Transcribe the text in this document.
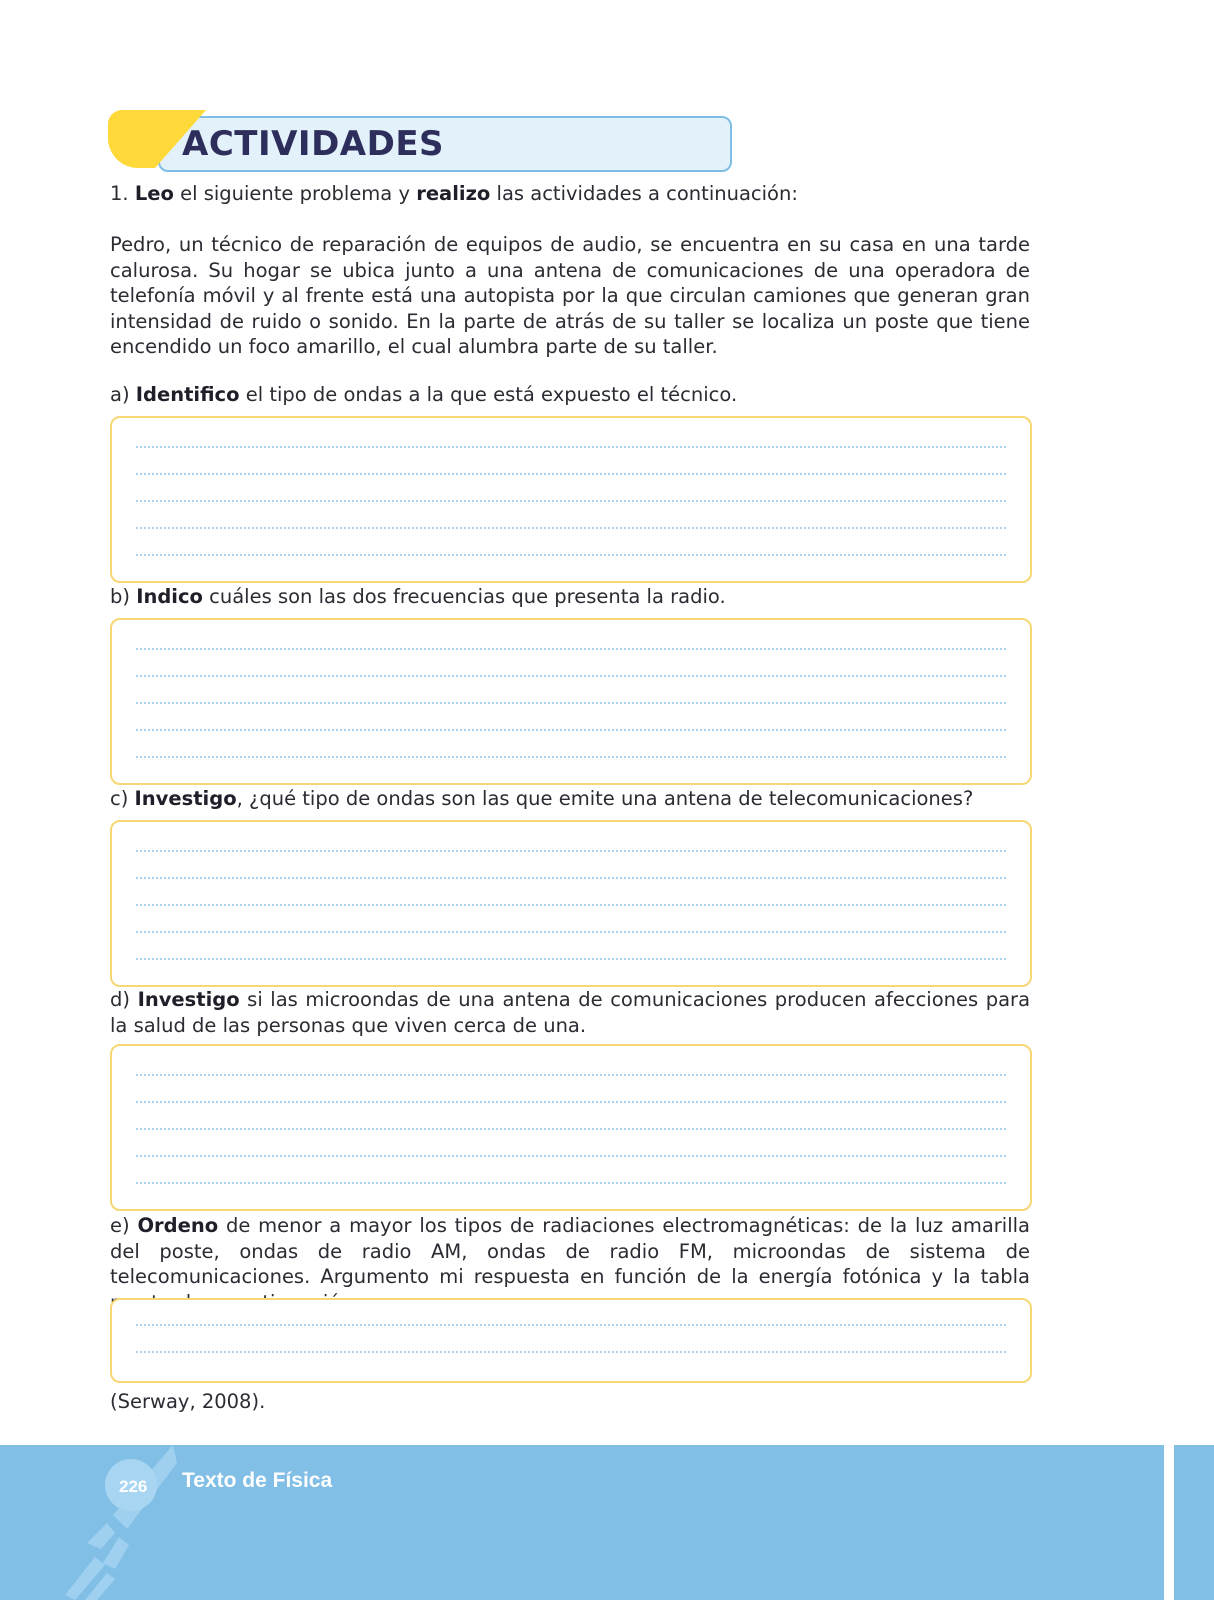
ACTIVIDADES
1. Leo el siguiente problema y realizo las actividades a continuación:
Pedro, un técnico de reparación de equipos de audio, se encuentra en su casa en una tarde calurosa. Su hogar se ubica junto a una antena de comunicaciones de una operadora de telefonía móvil y al frente está una autopista por la que circulan camiones que generan gran intensidad de ruido o sonido. En la parte de atrás de su taller se localiza un poste que tiene encendido un foco amarillo, el cual alumbra parte de su taller.
a) Identifico el tipo de ondas a la que está expuesto el técnico.
b) Indico cuáles son las dos frecuencias que presenta la radio.
c) Investigo, ¿qué tipo de ondas son las que emite una antena de telecomunicaciones?
d) Investigo si las microondas de una antena de comunicaciones producen afecciones para la salud de las personas que viven cerca de una.
e) Ordeno de menor a mayor los tipos de radiaciones electromagnéticas: de la luz amarilla del poste, ondas de radio AM, ondas de radio FM, microondas de sistema de telecomunicaciones. Argumento mi respuesta en función de la energía fotónica y la tabla
(Serway, 2008).
226 Texto de Física
